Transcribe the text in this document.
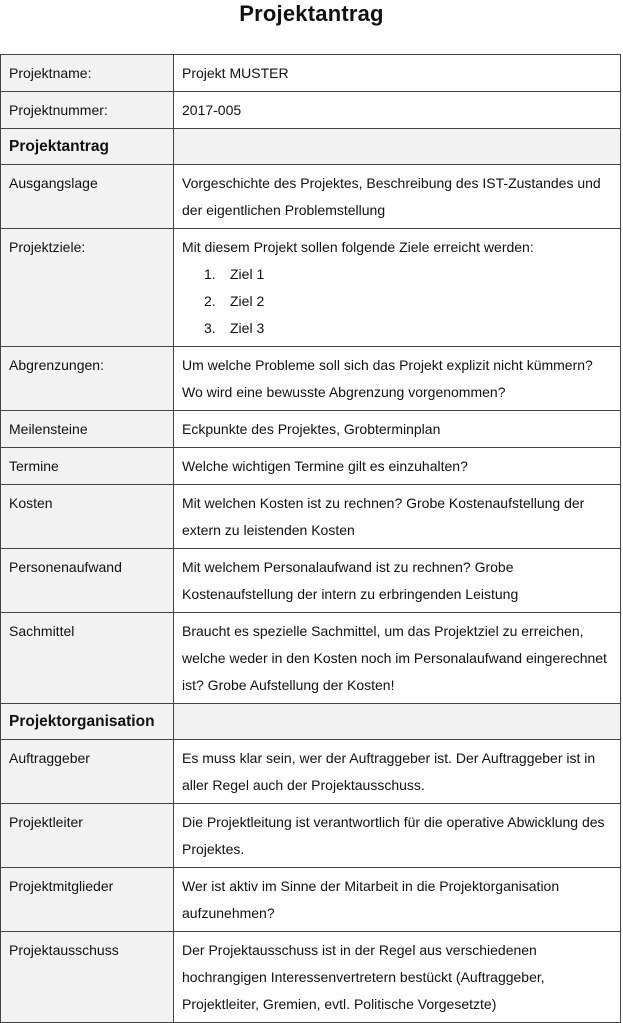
Projektantrag
Projektname:	Projekt MUSTER
Projektnummer:	2017-005
Projektantrag	
Ausgangslage	Vorgeschichte des Projektes, Beschreibung des IST-Zustandes und der eigentlichen Problemstellung
Projektziele:	Mit diesem Projekt sollen folgende Ziele erreicht werden:
1. Ziel 1
2. Ziel 2
3. Ziel 3

Abgrenzungen:	Um welche Probleme soll sich das Projekt explizit nicht kümmern? Wo wird eine bewusste Abgrenzung vorgenommen?
Meilensteine	Eckpunkte des Projektes, Grobterminplan
Termine	Welche wichtigen Termine gilt es einzuhalten?
Kosten	Mit welchen Kosten ist zu rechnen? Grobe Kostenaufstellung der extern zu leistenden Kosten
Personenaufwand	Mit welchem Personalaufwand ist zu rechnen? Grobe Kostenaufstellung der intern zu erbringenden Leistung
Sachmittel	Braucht es spezielle Sachmittel, um das Projektziel zu erreichen, welche weder in den Kosten noch im Personalaufwand eingerechnet ist? Grobe Aufstellung der Kosten!
Projektorganisation	
Auftraggeber	Es muss klar sein, wer der Auftraggeber ist. Der Auftraggeber ist in aller Regel auch der Projektausschuss.
Projektleiter	Die Projektleitung ist verantwortlich für die operative Abwicklung des Projektes.
Projektmitglieder	Wer ist aktiv im Sinne der Mitarbeit in die Projektorganisation aufzunehmen?
Projektausschuss	Der Projektausschuss ist in der Regel aus verschiedenen hochrangigen Interessenvertretern bestückt (Auftraggeber, Projektleiter, Gremien, evtl. Politische Vorgesetzte)
